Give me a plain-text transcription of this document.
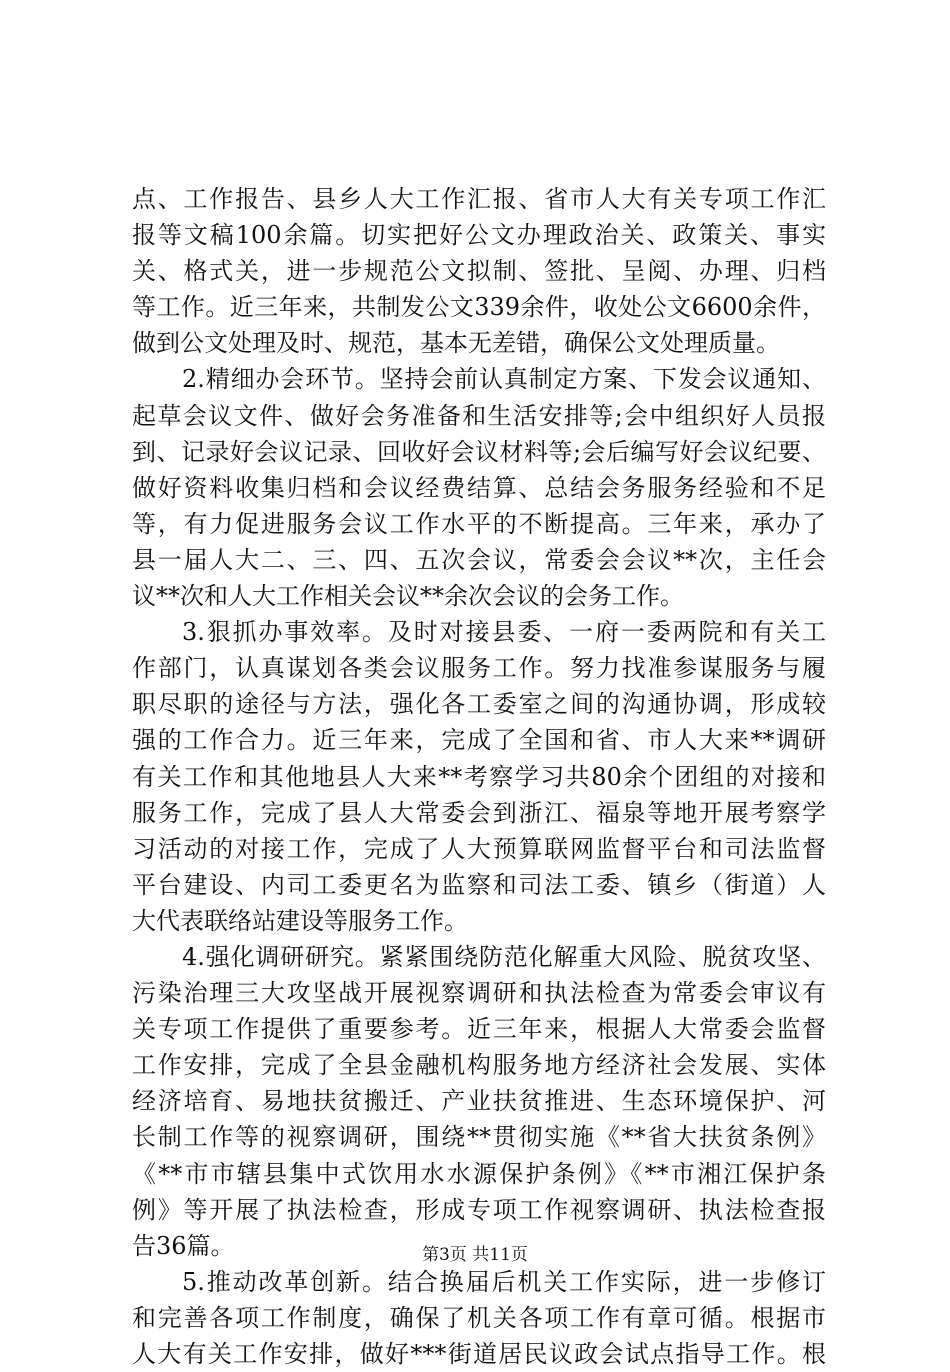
点、工作报告、县乡人大工作汇报、省市人大有关专项工作汇
报等文稿100余篇。切实把好公文办理政治关、政策关、事实
关、格式关，进一步规范公文拟制、签批、呈阅、办理、归档
等工作。近三年来，共制发公文339余件，收处公文6600余件，
做到公文处理及时、规范，基本无差错，确保公文处理质量。
2.精细办会环节。坚持会前认真制定方案、下发会议通知、
起草会议文件、做好会务准备和生活安排等;会中组织好人员报
到、记录好会议记录、回收好会议材料等;会后编写好会议纪要、
做好资料收集归档和会议经费结算、总结会务服务经验和不足
等，有力促进服务会议工作水平的不断提高。三年来，承办了
县一届人大二、三、四、五次会议，常委会会议**次，主任会
议**次和人大工作相关会议**余次会议的会务工作。
3.狠抓办事效率。及时对接县委、一府一委两院和有关工
作部门，认真谋划各类会议服务工作。努力找准参谋服务与履
职尽职的途径与方法，强化各工委室之间的沟通协调，形成较
强的工作合力。近三年来，完成了全国和省、市人大来**调研
有关工作和其他地县人大来**考察学习共80余个团组的对接和
服务工作，完成了县人大常委会到浙江、福泉等地开展考察学
习活动的对接工作，完成了人大预算联网监督平台和司法监督
平台建设、内司工委更名为监察和司法工委、镇乡（街道）人
大代表联络站建设等服务工作。
4.强化调研研究。紧紧围绕防范化解重大风险、脱贫攻坚、
污染治理三大攻坚战开展视察调研和执法检查为常委会审议有
关专项工作提供了重要参考。近三年来，根据人大常委会监督
工作安排，完成了全县金融机构服务地方经济社会发展、实体
经济培育、易地扶贫搬迁、产业扶贫推进、生态环境保护、河
长制工作等的视察调研，围绕**贯彻实施《**省大扶贫条例》
《**市市辖县集中式饮用水水源保护条例》《**市湘江保护条
例》等开展了执法检查，形成专项工作视察调研、执法检查报
告36篇。
5.推动改革创新。结合换届后机关工作实际，进一步修订
和完善各项工作制度，确保了机关各项工作有章可循。根据市
人大有关工作安排，做好***街道居民议政会试点指导工作。根
第3页 共11页
